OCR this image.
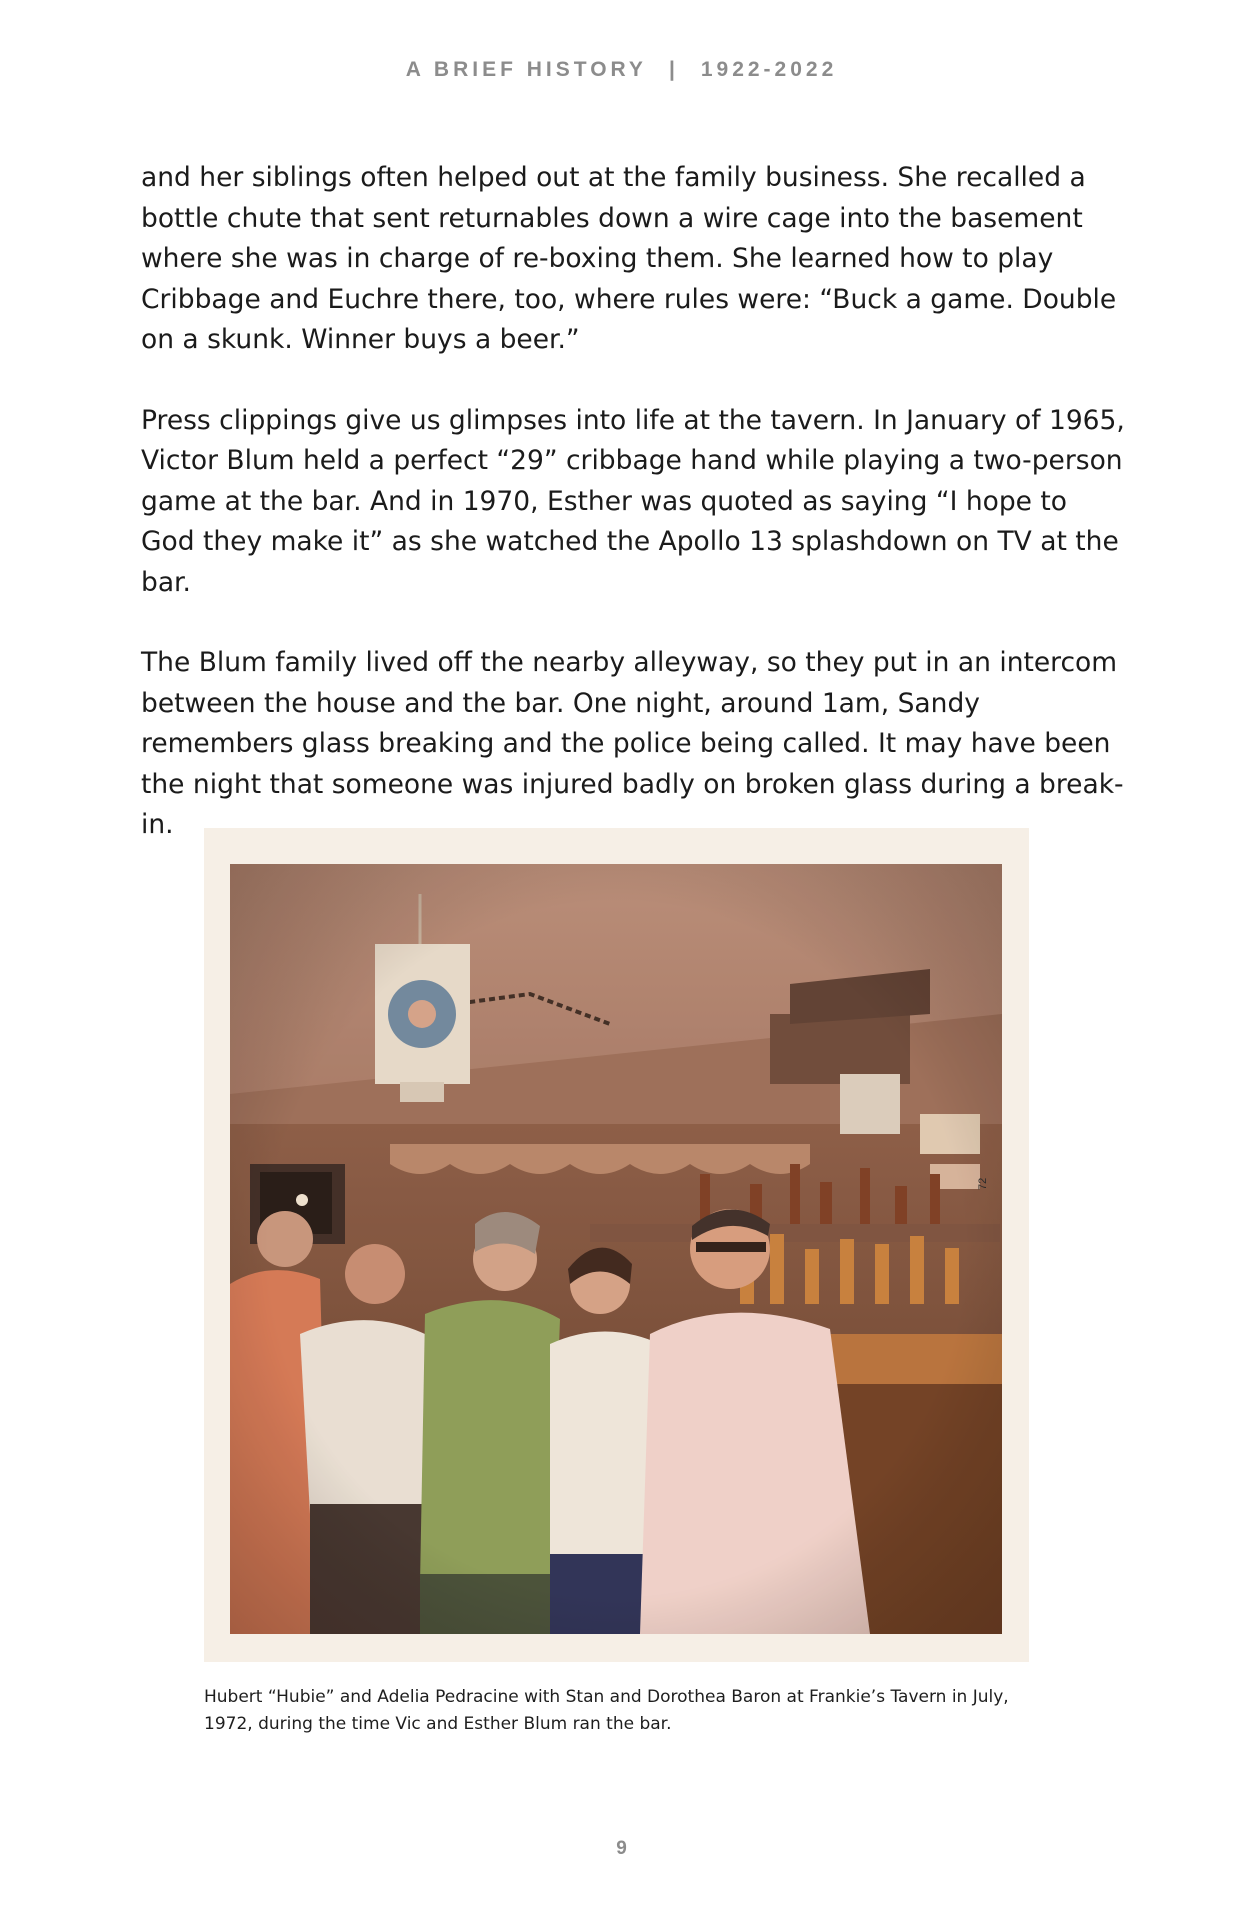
A BRIEF HISTORY | 1922-2022

and her siblings often helped out at the family business. She recalled a bottle chute that sent returnables down a wire cage into the basement where she was in charge of re-boxing them. She learned how to play Cribbage and Euchre there, too, where rules were: “Buck a game. Double on a skunk. Winner buys a beer.”

Press clippings give us glimpses into life at the tavern. In January of 1965, Victor Blum held a perfect “29” cribbage hand while playing a two-person game at the bar. And in 1970, Esther was quoted as saying “I hope to God they make it” as she watched the Apollo 13 splashdown on TV at the bar.

The Blum family lived off the nearby alleyway, so they put in an intercom between the house and the bar. One night, around 1am, Sandy remembers glass breaking and the police being called. It may have been the night that someone was injured badly on broken glass during a break-in.

72
Hubert “Hubie” and Adelia Pedracine with Stan and Dorothea Baron at Frankie’s Tavern in July, 1972, during the time Vic and Esther Blum ran the bar.
9
